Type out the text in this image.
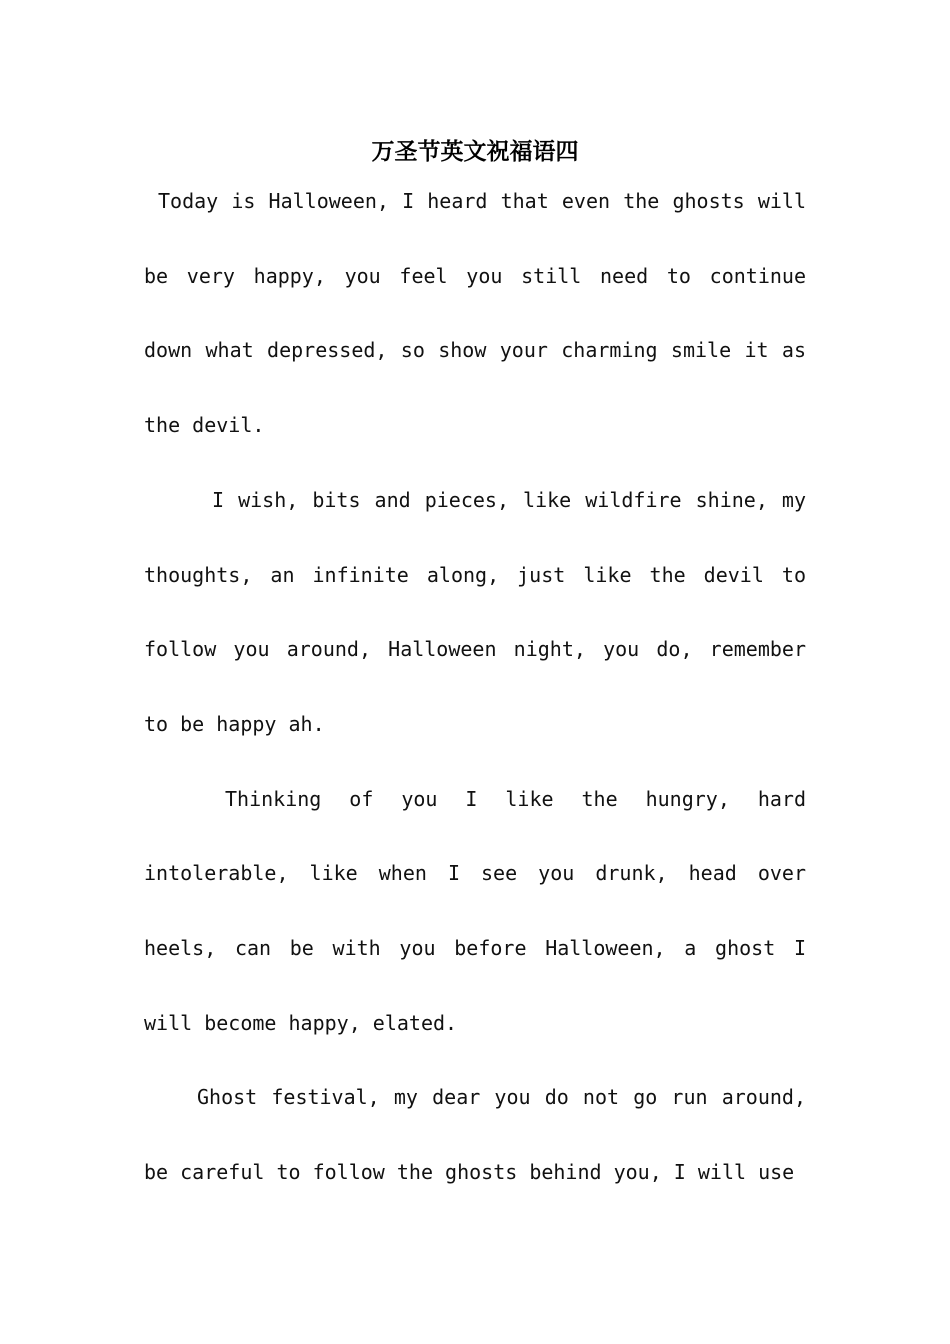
万圣节英文祝福语四

Today is Halloween, I heard that even the ghosts will be very happy, you feel you still need to continue down what depressed, so show your charming smile it as the devil.

I wish, bits and pieces, like wildfire shine, my thoughts, an infinite along, just like the devil to follow you around, Halloween night, you do, remember to be happy ah.

Thinking of you I like the hungry, hard intolerable, like when I see you drunk, head over heels, can be with you before Halloween, a ghost I will become happy, elated.

Ghost festival, my dear you do not go run around, be careful to follow the ghosts behind you, I will use
